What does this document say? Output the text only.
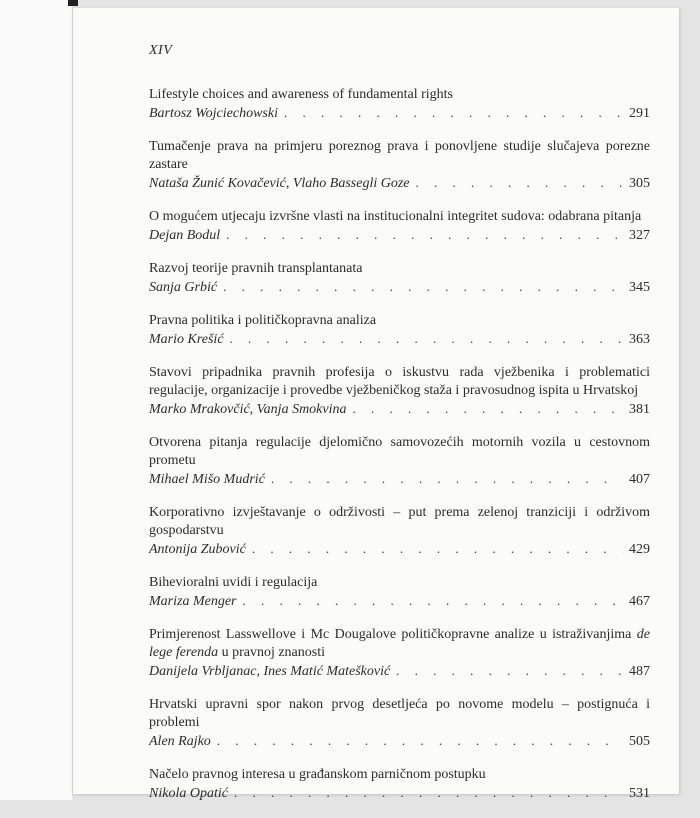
XIV
Lifestyle choices and awareness of fundamental rights
Bartosz Wojciechowski . . .	291
Tumačenje prava na primjeru poreznog prava i ponovljene studije slučajeva porezne zastare
Nataša Žunić Kovačević, Vlaho Bassegli Goze . . .	305
O mogućem utjecaju izvršne vlasti na institucionalni integritet sudova: odabrana pitanja
Dejan Bodul . . .	327
Razvoj teorije pravnih transplantanata
Sanja Grbić . . .	345
Pravna politika i političkopravna analiza
Mario Krešić . . .	363
Stavovi pripadnika pravnih profesija o iskustvu rada vježbenika i problematici regulacije, organizacije i provedbe vježbeničkog staža i pravosudnog ispita u Hrvatskoj
Marko Mrakovčić, Vanja Smokvina . . .	381
Otvorena pitanja regulacije djelomično samovozećih motornih vozila u cestovnom prometu
Mihael Mišo Mudrić . . .	407
Korporativno izvještavanje o održivosti – put prema zelenoj tranziciji i održivom gospodarstvu
Antonija Zubović . . .	429
Bihevioralni uvidi i regulacija
Mariza Menger . . .	467
Primjerenost Lasswellove i Mc Dougalove političkopravne analize u istraživanjima de lege ferenda u pravnoj znanosti
Danijela Vrbljanac, Ines Matić Matešković . . .	487
Hrvatski upravni spor nakon prvog desetljeća po novome modelu – postignuća i problemi
Alen Rajko . . .	505
Načelo pravnog interesa u građanskom parničnom postupku
Nikola Opatić . . .	531
